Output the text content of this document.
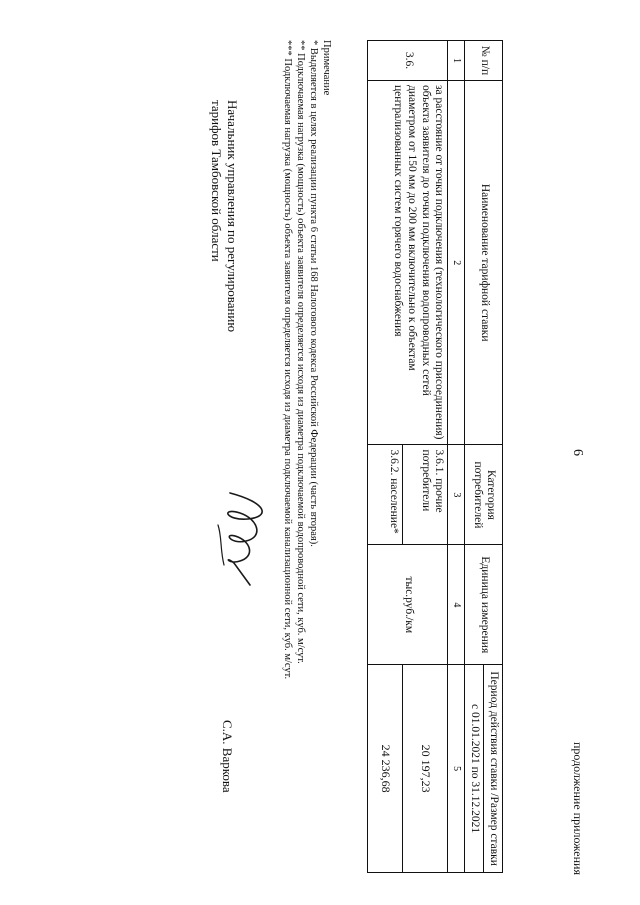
продолжение приложения
6
№ п/п	Наименование тарифной ставки	Категория потребителей	Единица измерения	Период действия ставки /Размер ставки
				с 01.01.2021 по 31.12.2021
1	2	3	4	5
3.6.	за расстояние от точки подключения (технологического присоединения) объекта заявителя до точки подключения водопроводных сетей диаметром от 150 мм до 200 мм включительно к объектам централизованных систем горячего водоснабжения	3.6.1. прочие потребители	тыс.руб./км	20 197,23
		3.6.2. население*		24 236,68
Примечание
* Выделяется в целях реализации пункта 6 статьи 168 Налогового кодекса Российской Федерации (часть вторая).
** Подключаемая нагрузка (мощность) объекта заявителя определяется исходя из диаметра подключаемой водопроводной сети, куб. м/сут.
*** Подключаемая нагрузка (мощность) объекта заявителя определяется исходя из диаметра подключаемой канализационной сети, куб. м/сут.
Начальник управления по регулированию
тарифов Тамбовской области
С.А. Варкова
